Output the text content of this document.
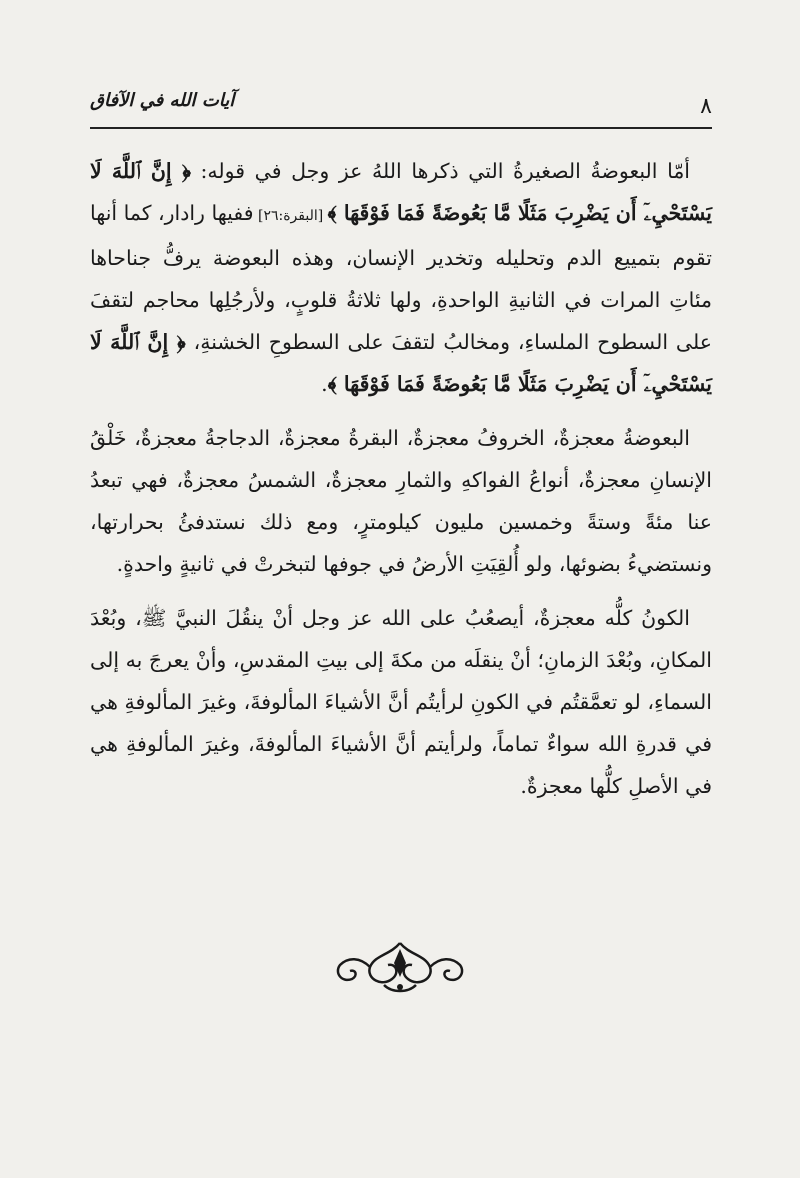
آيات الله في الآفاق	٨

أمّا البعوضةُ الصغيرةُ التي ذكرها اللهُ عز وجل في قوله: ﴿ إِنَّ ٱللَّهَ لَا يَسْتَحْيِۦٓ أَن يَضْرِبَ مَثَلًا مَّا بَعُوضَةً فَمَا فَوْقَهَا ﴾ [البقرة:٢٦] ففيها رادار، كما أنها تقوم بتمييع الدم وتحليله وتخدير الإنسان، وهذه البعوضة يرفُّ جناحاها مئاتِ المرات في الثانيةِ الواحدةِ، ولها ثلاثةُ قلوبٍ، ولأرجُلِها محاجم لتقفَ على السطوح الملساءِ، ومخالبُ لتقفَ على السطوحِ الخشنةِ، ﴿ إِنَّ ٱللَّهَ لَا يَسْتَحْيِۦٓ أَن يَضْرِبَ مَثَلًا مَّا بَعُوضَةً فَمَا فَوْقَهَا ﴾.

البعوضةُ معجزةٌ، الخروفُ معجزةٌ، البقرةُ معجزةٌ، الدجاجةُ معجزةٌ، خَلْقُ الإنسانِ معجزةٌ، أنواعُ الفواكهِ والثمارِ معجزةٌ، الشمسُ معجزةٌ، فهي تبعدُ عنا مئةً وستةً وخمسين مليون كيلومترٍ، ومع ذلك نستدفئُ بحرارتها، ونستضيءُ بضوئها، ولو أُلقِيَتِ الأرضُ في جوفها لتبخرتْ في ثانيةٍ واحدةٍ.

الكونُ كلُّه معجزةٌ، أيصعُبُ على الله عز وجل أنْ ينقُلَ النبيَّ ﷺ، وبُعْدَ المكانِ، وبُعْدَ الزمانِ؛ أنْ ينقلَه من مكةَ إلى بيتِ المقدسِ، وأنْ يعرجَ به إلى السماءِ، لو تعمَّقتُم في الكونِ لرأيتُم أنَّ الأشياءَ المألوفةَ، وغيرَ المألوفةِ هي في قدرةِ الله سواءٌ تماماً، ولرأيتم أنَّ الأشياءَ المألوفةَ، وغيرَ المألوفةِ هي في الأصلِ كلُّها معجزةٌ.
